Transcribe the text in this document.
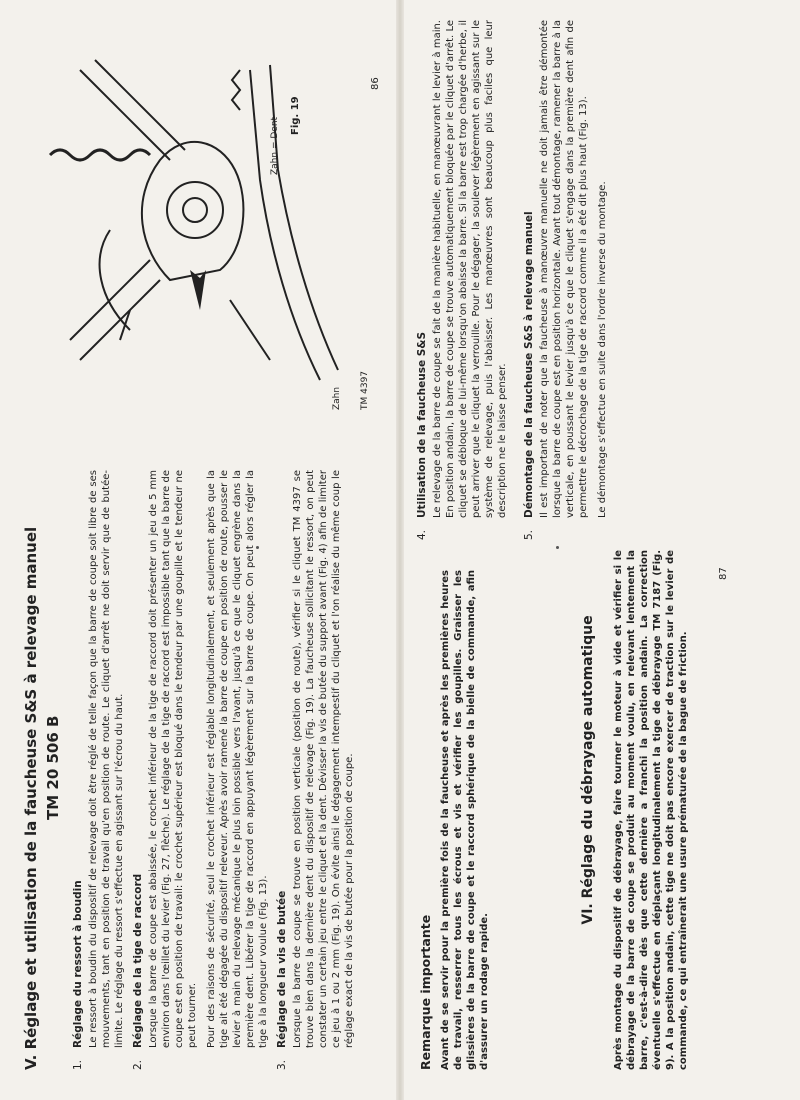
V. Réglage et utilisation de la faucheuse S&S à relevage manuel TM 20 506 B
1.Réglage du ressort à boudin Le ressort à boudin du dispositif de relevage doit être réglé de telle façon que la barre de coupe soit libre de ses mouvements, tant en position de travail qu'en position de route. Le cliquet d'arrêt ne doit servir que de butée-limite. Le réglage du ressort s'effectue en agissant sur l'écrou du haut.

2.Réglage de la tige de raccord Lorsque la barre de coupe est abaissée, le crochet inférieur de la tige de raccord doit présenter un jeu de 5 mm environ dans l'œillet du levier (Fig. 27, flèche). Le réglage de la tige de raccord est impossible tant que la barre de coupe est en position de travail: le crochet supérieur est bloqué dans le tendeur par une goupille et le tendeur ne peut tourner. Pour des raisons de sécurité, seul le crochet inférieur est réglable longitudinalement, et seulement après que la tige ait été dégagée du dispositif releveur. Après avoir ramené la barre de coupe en position de route, pousser le levier à main du relevage mécanique le plus loin possible vers l'avant, jusqu'à ce que le cliquet engrène dans la première dent. Libérer la tige de raccord en appuyant légèrement sur la barre de coupe. On peut alors régler la tige à la longueur voulue (Fig. 13).

3.Réglage de la vis de butée Lorsque la barre de coupe se trouve en position verticale (position de route), vérifier si le cliquet TM 4397 se trouve bien dans la dernière dent du dispositif de relevage (Fig. 19). La faucheuse sollicitant le ressort, on peut constater un certain jeu entre le cliquet et la dent. Dévisser la vis de butée du support avant (Fig. 4) afin de limiter ce jeu à 1 ou 2 mm (Fig. 19). On évite ainsi le dégagement intempestif du cliquet et l'on réalise du même coup le réglage exact de la vis de butée pour la position de coupe.

Zahn TM 4397
Fig. 19
Zahn = Dent
86
4.Utilisation de la faucheuse S&S Le relevage de la barre de coupe se fait de la manière habituelle, en manœuvrant le levier à main. En position andain, la barre de coupe se trouve automatiquement bloquée par le cliquet d'arrêt. Le cliquet se débloque de lui-même lorsqu'on abaisse la barre. Si la barre est trop chargée d'herbe, il peut arriver que le cliquet la verrouille. Pour le dégager, la soulever légèrement en agissant sur le système de relevage, puis l'abaisser. Les manœuvres sont beaucoup plus faciles que leur description ne le laisse penser.

5.Démontage de la faucheuse S&S à relevage manuel Il est important de noter que la faucheuse à manœuvre manuelle ne doit jamais être démontée lorsque la barre de coupe est en position horizontale. Avant tout démontage, ramener la barre à la verticale, en poussant le levier jusqu'à ce que le cliquet s'engage dans la première dent afin de permettre le décrochage de la tige de raccord comme il a été dit plus haut (Fig. 13). Le démontage s'effectue en suite dans l'ordre inverse du montage.

Remarque importante Avant de se servir pour la première fois de la faucheuse et après les premières heures de travail, resserrer tous les écrous et vis et vérifier les goupilles. Graisser les glissières de la barre de coupe et le raccord sphérique de la bielle de commande, afin d'assurer un rodage rapide.
VI. Réglage du débrayage automatique Après montage du dispositif de débrayage, faire tourner le moteur à vide et vérifier si le débrayage de la barre de coupe se produit au moment voulu, en relevant lentement la barre, c'est-à-dire dès que cette dernière a franchi la position andain. La correction éventuelle s'effectue en déplaçant longitudinalement la tige de débrayage TM 7187 (Fig. 9). A la position andain, cette tige ne doit pas encore exercer de traction sur le levier de commande, ce qui entraînerait une usure prématurée de la bague de friction.
87
